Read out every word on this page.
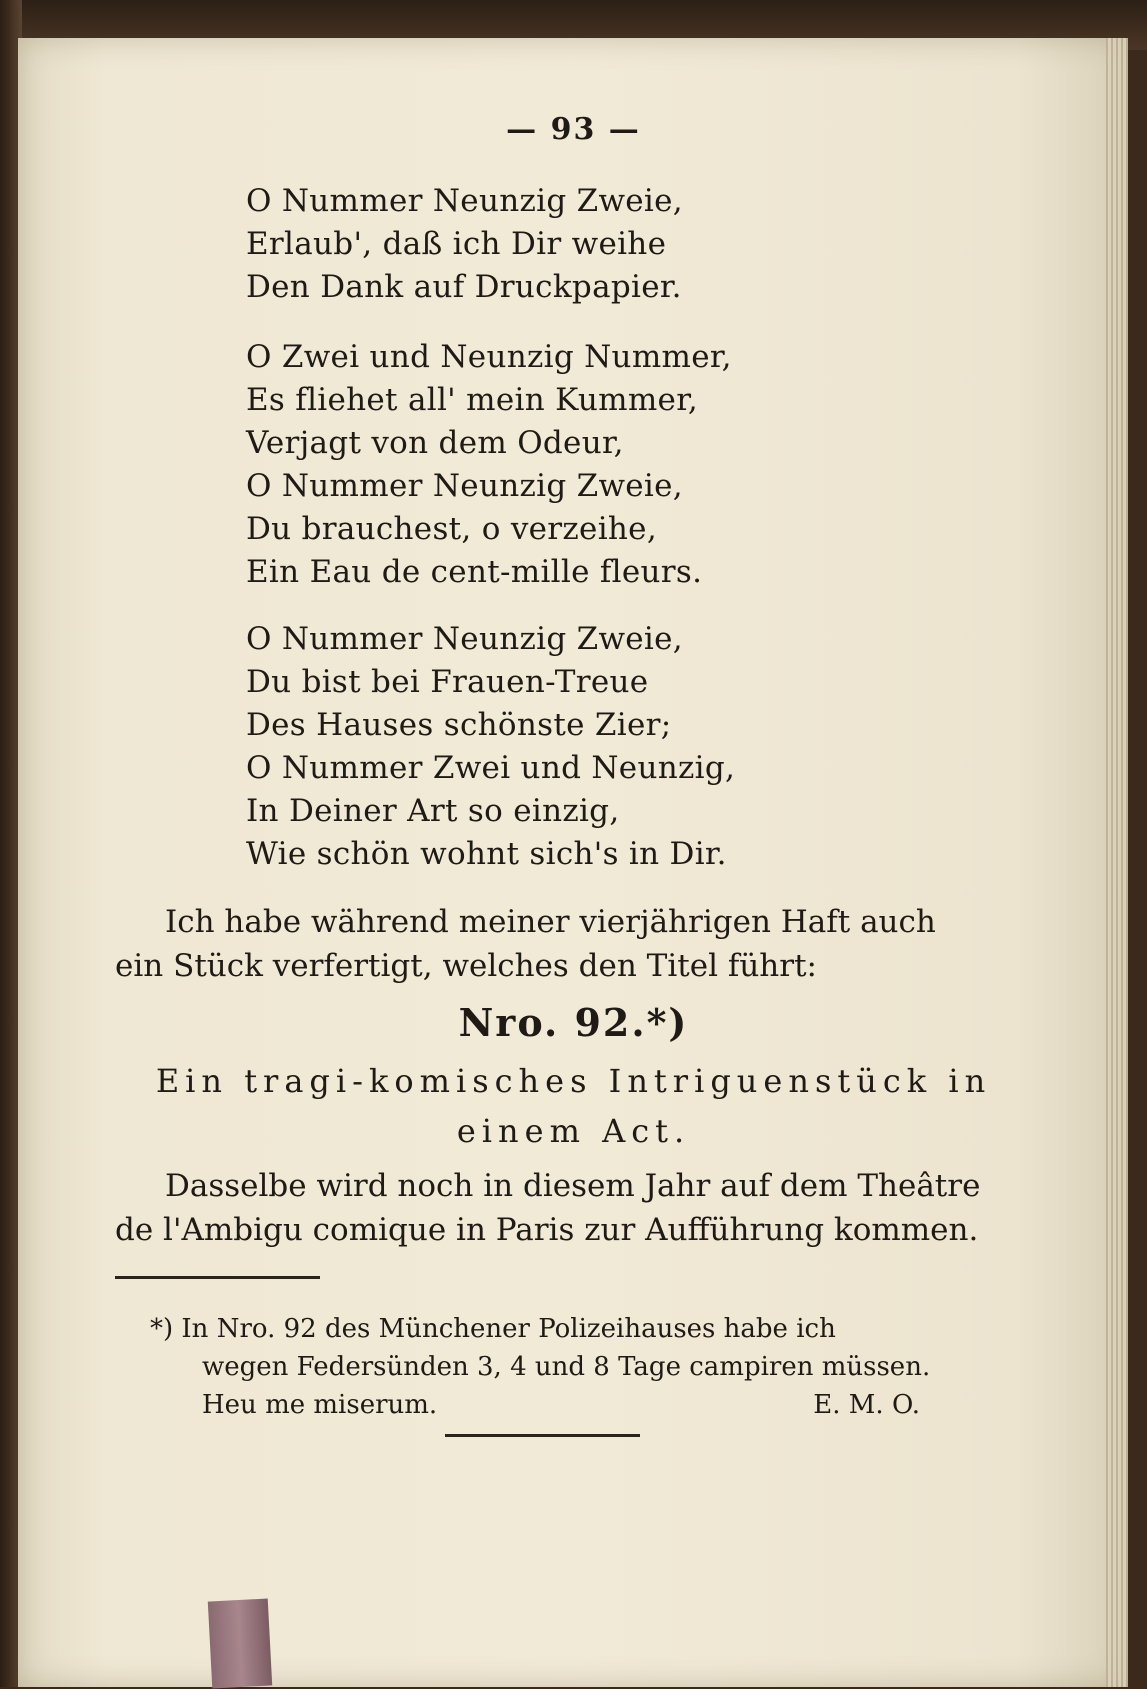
— 93 —
O Nummer Neunzig Zweie,
Erlaub', daß ich Dir weihe
Den Dank auf Druckpapier.
O Zwei und Neunzig Nummer,
Es fliehet all' mein Kummer,
Verjagt von dem Odeur,
O Nummer Neunzig Zweie,
Du brauchest, o verzeihe,
Ein Eau de cent-mille fleurs.
O Nummer Neunzig Zweie,
Du bist bei Frauen-Treue
Des Hauses schönste Zier;
O Nummer Zwei und Neunzig,
In Deiner Art so einzig,
Wie schön wohnt sich's in Dir.
Ich habe während meiner vierjährigen Haft auch
ein Stück verfertigt, welches den Titel führt:
Nro. 92.*)
Ein tragi-komisches Intriguenstück in
einem Act.
Dasselbe wird noch in diesem Jahr auf dem Theâtre
de l'Ambigu comique in Paris zur Aufführung kommen.
*) In Nro. 92 des Münchener Polizeihauses habe ich
wegen Federsünden 3, 4 und 8 Tage campiren müssen.
Heu me miserum.	E. M. O.
